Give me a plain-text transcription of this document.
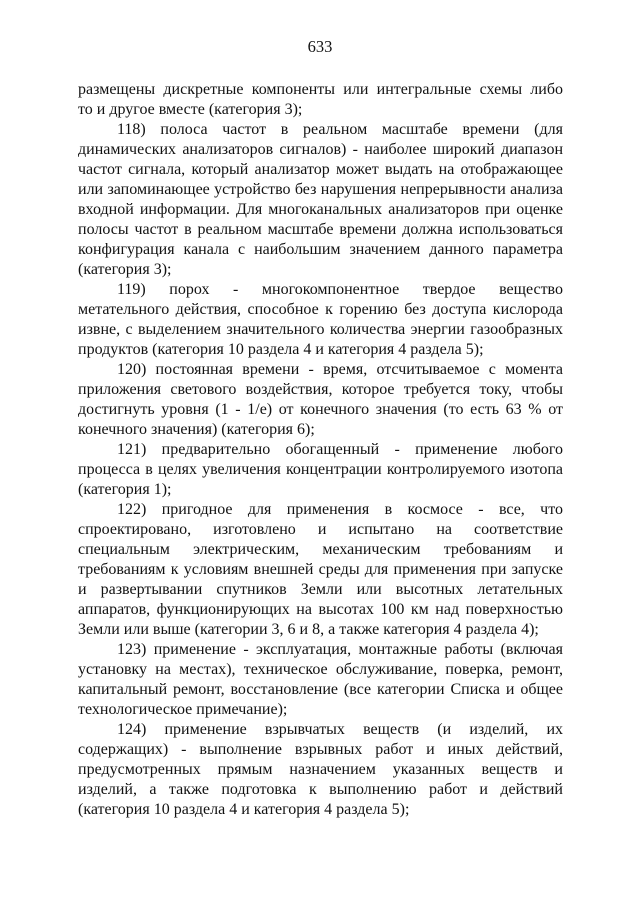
633
размещены дискретные компоненты или интегральные схемы либо
то и другое вместе (категория 3);
118) полоса частот в реальном масштабе времени (для
динамических анализаторов сигналов) - наиболее широкий диапазон
частот сигнала, который анализатор может выдать на отображающее
или запоминающее устройство без нарушения непрерывности анализа
входной информации. Для многоканальных анализаторов при оценке
полосы частот в реальном масштабе времени должна использоваться
конфигурация канала с наибольшим значением данного параметра
(категория 3);
119) порох - многокомпонентное твердое вещество
метательного действия, способное к горению без доступа кислорода
извне, с выделением значительного количества энергии газообразных
продуктов (категория 10 раздела 4 и категория 4 раздела 5);
120) постоянная времени - время, отсчитываемое с момента
приложения светового воздействия, которое требуется току, чтобы
достигнуть уровня (1 - 1/e) от конечного значения (то есть 63 % от
конечного значения) (категория 6);
121) предварительно обогащенный - применение любого
процесса в целях увеличения концентрации контролируемого изотопа
(категория 1);
122) пригодное для применения в космосе - все, что
спроектировано, изготовлено и испытано на соответствие
специальным электрическим, механическим требованиям и
требованиям к условиям внешней среды для применения при запуске
и развертывании спутников Земли или высотных летательных
аппаратов, функционирующих на высотах 100 км над поверхностью
Земли или выше (категории 3, 6 и 8, а также категория 4 раздела 4);
123) применение - эксплуатация, монтажные работы (включая
установку на местах), техническое обслуживание, поверка, ремонт,
капитальный ремонт, восстановление (все категории Списка и общее
технологическое примечание);
124) применение взрывчатых веществ (и изделий, их
содержащих) - выполнение взрывных работ и иных действий,
предусмотренных прямым назначением указанных веществ и
изделий, а также подготовка к выполнению работ и действий
(категория 10 раздела 4 и категория 4 раздела 5);
